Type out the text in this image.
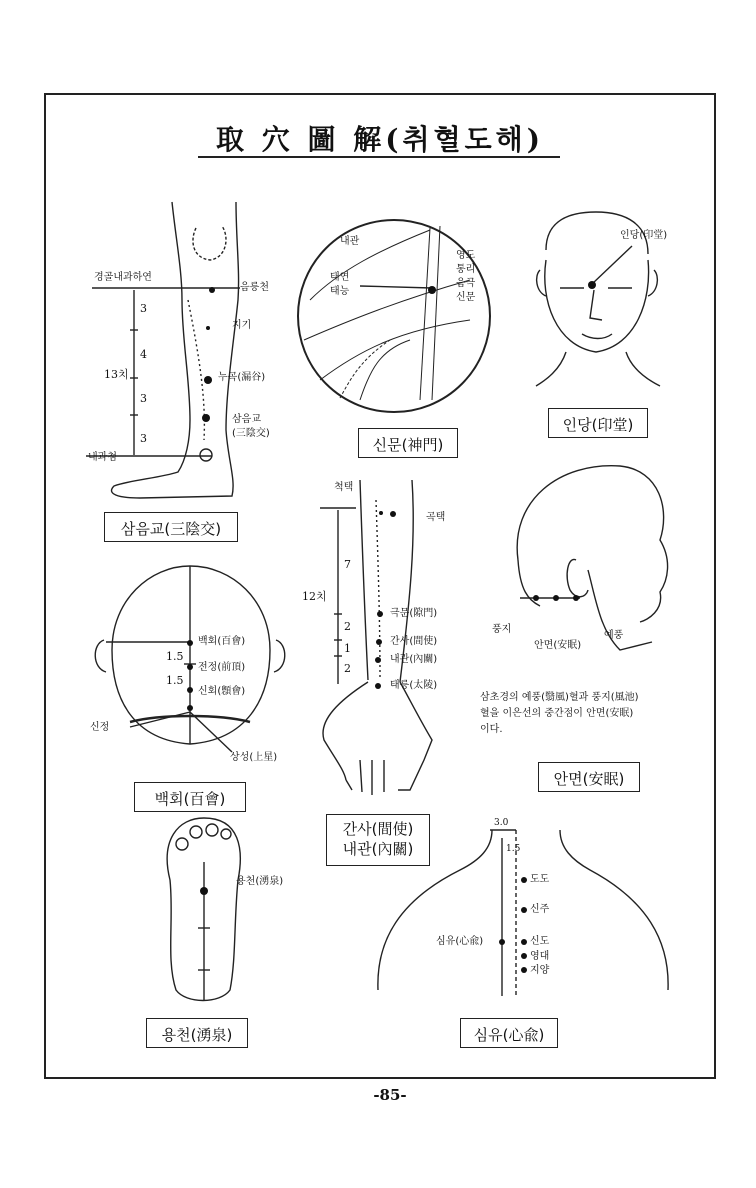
取 穴 圖 解(취혈도해)
경골내과하연
음릉천
지기
누곡(漏谷)
삼음교
(三陰交)
내과첨
13치
3
4
3
3
삼음교(三陰交)
내관
태연
태능
영도
통리
음극
신문
신문(神門)
인당(印堂)
인당(印堂)
백회(百會)
전정(前頂)
신회(顖會)
상성(上星)
신정
1.5
1.5
백회(百會)
척택
곡택
12치
7
2
1
2
극문(隙門)
간사(間使)
내관(內關)
태릉(太陵)
간사(間使)
내관(內關)
풍지
안면(安眠)
예풍
삼초경의 예풍(翳風)혈과 풍지(風池)
혈을 이은선의 중간점이 안면(安眠)
이다.
안면(安眠)
용천(湧泉)
용천(湧泉)
3.0
1.5
도도
신주
심유(心兪)	신도
영대
지양
심유(心兪)
-85-
